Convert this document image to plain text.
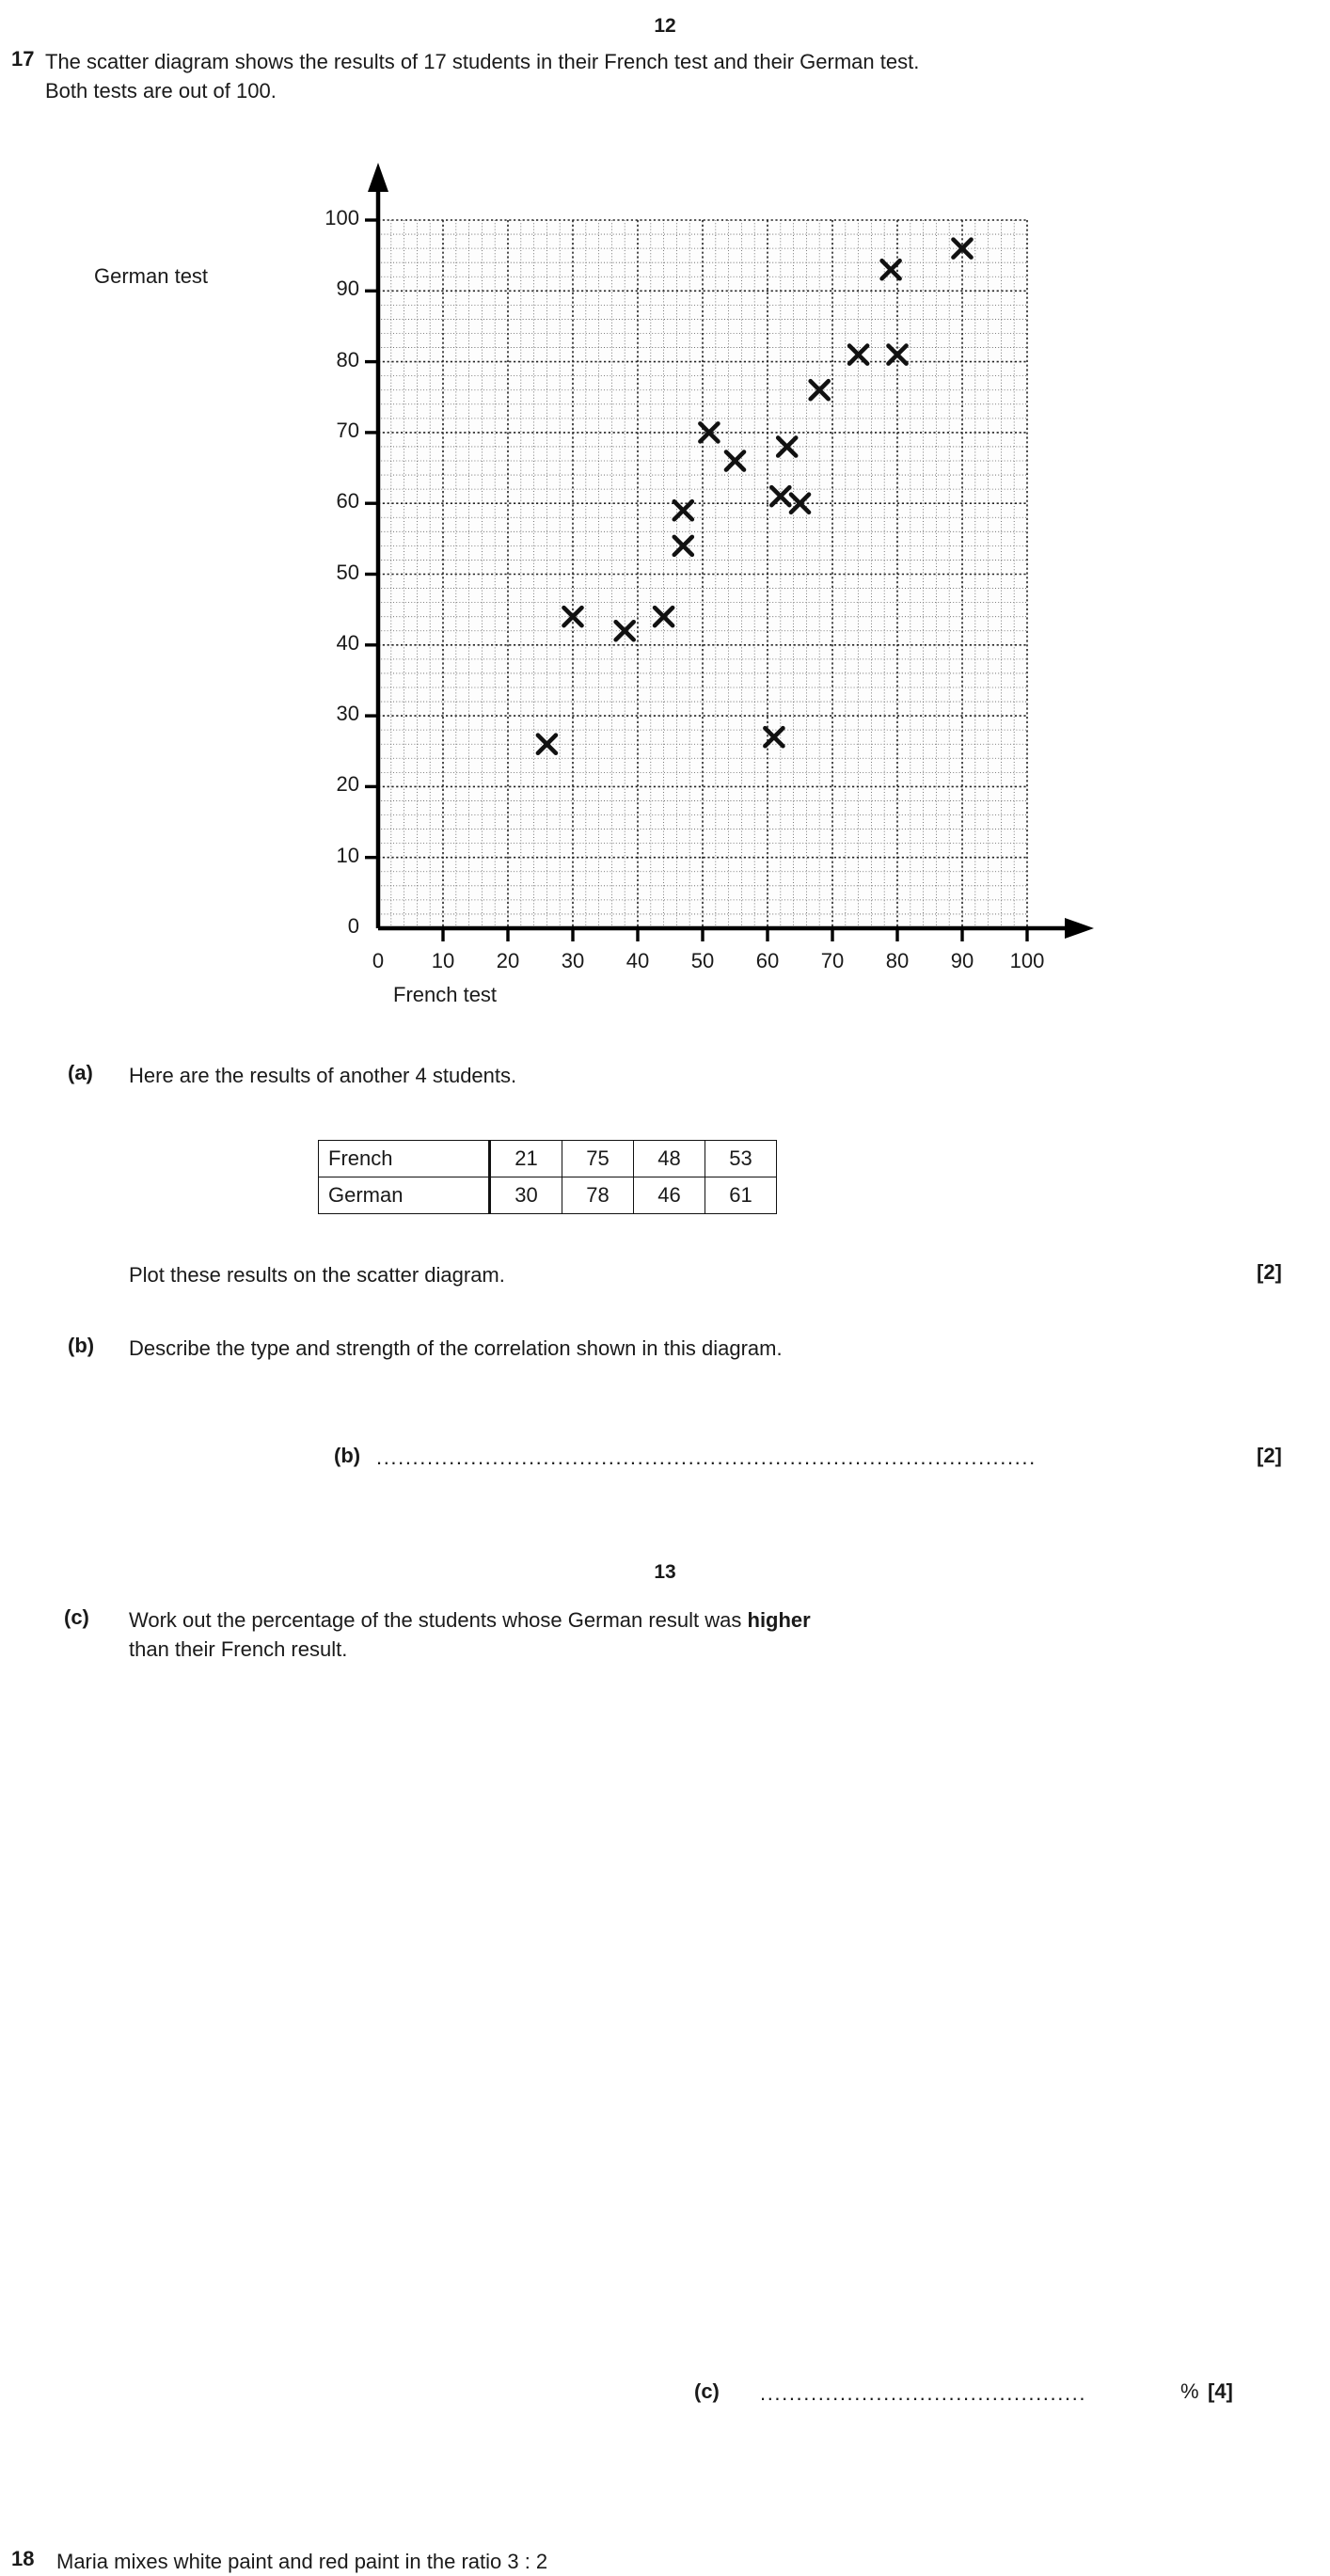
12
17 The scatter diagram shows the results of 17 students in their French test and their German test.
Both tests are out of 100.
German test
French test
0
10
20
30
40
50
60
70
80
90
100
0	10	20	30	40	50	60	70	80	90	100
(a) Here are the results of another 4 students.
French	21	75	48	53
German	30	78	46	61
Plot these results on the scatter diagram.	[2]
(b) Describe the type and strength of the correlation shown in this diagram.
(b) ...........................................................................................	[2]
13
(c) Work out the percentage of the students whose German result was higher
than their French result.
(c) .............................................	% [4]
18 Maria mixes white paint and red paint in the ratio 3 : 2
